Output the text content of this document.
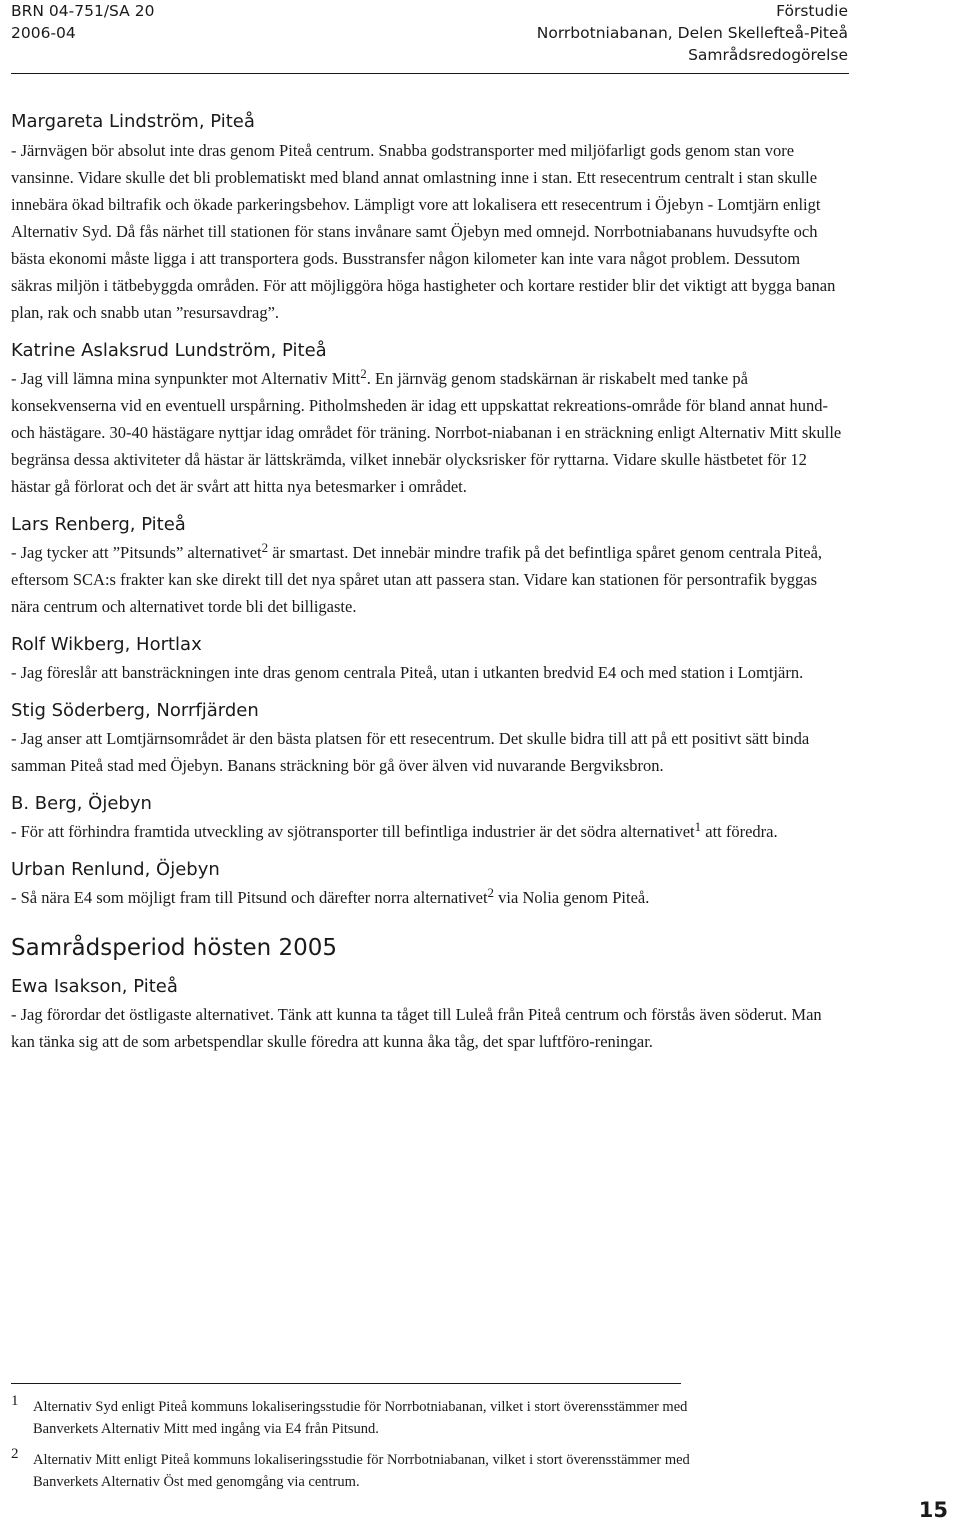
BRN 04-751/SA 20
2006-04
Förstudie
Norrbotniabanan, Delen Skellefteå-Piteå
Samrådsredogörelse

Margareta Lindström, Piteå

- Järnvägen bör absolut inte dras genom Piteå centrum. Snabba godstransporter med miljöfarligt gods genom stan vore vansinne. Vidare skulle det bli problematiskt med bland annat omlastning inne i stan. Ett resecentrum centralt i stan skulle innebära ökad biltrafik och ökade parkeringsbehov. Lämpligt vore att lokalisera ett resecentrum i Öjebyn - Lomtjärn enligt Alternativ Syd. Då fås närhet till stationen för stans invånare samt Öjebyn med omnejd. Norrbotniabanans huvudsyfte och bästa ekonomi måste ligga i att transportera gods. Busstransfer någon kilometer kan inte vara något problem. Dessutom säkras miljön i tätbebyggda områden. För att möjliggöra höga hastigheter och kortare restider blir det viktigt att bygga banan plan, rak och snabb utan ”resursavdrag”.

Katrine Aslaksrud Lundström, Piteå

- Jag vill lämna mina synpunkter mot Alternativ Mitt$^2$. En järnväg genom stadskärnan är riskabelt med tanke på konsekvenserna vid en eventuell urspårning. Pitholmsheden är idag ett uppskattat rekreations-område för bland annat hund- och hästägare. 30-40 hästägare nyttjar idag området för träning. Norrbot-niabanan i en sträckning enligt Alternativ Mitt skulle begränsa dessa aktiviteter då hästar är lättskrämda, vilket innebär olycksrisker för ryttarna. Vidare skulle hästbetet för 12 hästar gå förlorat och det är svårt att hitta nya betesmarker i området.

Lars Renberg, Piteå

- Jag tycker att ”Pitsunds” alternativet$^2$ är smartast. Det innebär mindre trafik på det befintliga spåret genom centrala Piteå, eftersom SCA:s frakter kan ske direkt till det nya spåret utan att passera stan. Vidare kan stationen för persontrafik byggas nära centrum och alternativet torde bli det billigaste.

Rolf Wikberg, Hortlax

- Jag föreslår att bansträckningen inte dras genom centrala Piteå, utan i utkanten bredvid E4 och med station i Lomtjärn.

Stig Söderberg, Norrfjärden

- Jag anser att Lomtjärnsområdet är den bästa platsen för ett resecentrum. Det skulle bidra till att på ett positivt sätt binda samman Piteå stad med Öjebyn. Banans sträckning bör gå över älven vid nuvarande Bergviksbron.

B. Berg, Öjebyn

- För att förhindra framtida utveckling av sjötransporter till befintliga industrier är det södra alternativet$^1$ att föredra.

Urban Renlund, Öjebyn

- Så nära E4 som möjligt fram till Pitsund och därefter norra alternativet$^2$ via Nolia genom Piteå.

Samrådsperiod hösten 2005

Ewa Isakson, Piteå

- Jag förordar det östligaste alternativet. Tänk att kunna ta tåget till Luleå från Piteå centrum och förstås även söderut. Man kan tänka sig att de som arbetspendlar skulle föredra att kunna åka tåg, det spar luftföro-reningar.

1 Alternativ Syd enligt Piteå kommuns lokaliseringsstudie för Norrbotniabanan, vilket i stort överensstämmer med Banverkets Alternativ Mitt med ingång via E4 från Pitsund.
2 Alternativ Mitt enligt Piteå kommuns lokaliseringsstudie för Norrbotniabanan, vilket i stort överensstämmer med Banverkets Alternativ Öst med genomgång via centrum.
15
